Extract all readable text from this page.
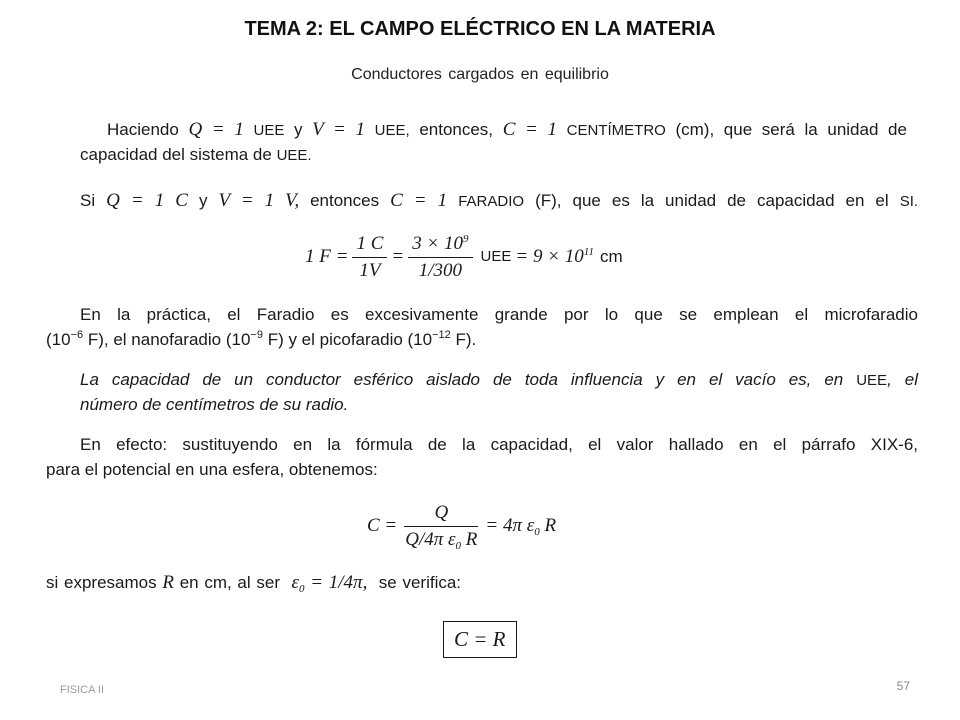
TEMA 2: EL CAMPO ELÉCTRICO EN LA MATERIA
Conductores cargados en equilibrio
Haciendo Q = 1 UEE y V = 1 UEE, entonces, C = 1 CENTÍMETRO (cm), que será la unidad de
capacidad del sistema de UEE.
Si Q = 1 C y V = 1 V, entonces C = 1 FARADIO (F), que es la unidad de capacidad en el SI.
1 $F = \frac{1 C}{1V} = \frac{3 \times 10^9}{1/300}$ UEE = $9 \times 10^{11}$ cm
En la práctica, el Faradio es excesivamente grande por lo que se emplean el microfaradio
($10^{-6}$ F), el nanofaradio ($10^{-9}$ F) y el picofaradio ($10^{-12}$ F).
La capacidad de un conductor esférico aislado de toda influencia y en el vacío es, en UEE, el
número de centímetros de su radio.
En efecto: sustituyendo en la fórmula de la capacidad, el valor hallado en el párrafo XIX-6,
para el potencial en una esfera, obtenemos:
$C = \frac{Q}{Q/4\pi \varepsilon_0 R} = 4\pi$ $\varepsilon_0$ R
si expresamos R en cm, al ser $\varepsilon_0 = 1/4\pi$, se verifica:
C = R
FISICA II	57
